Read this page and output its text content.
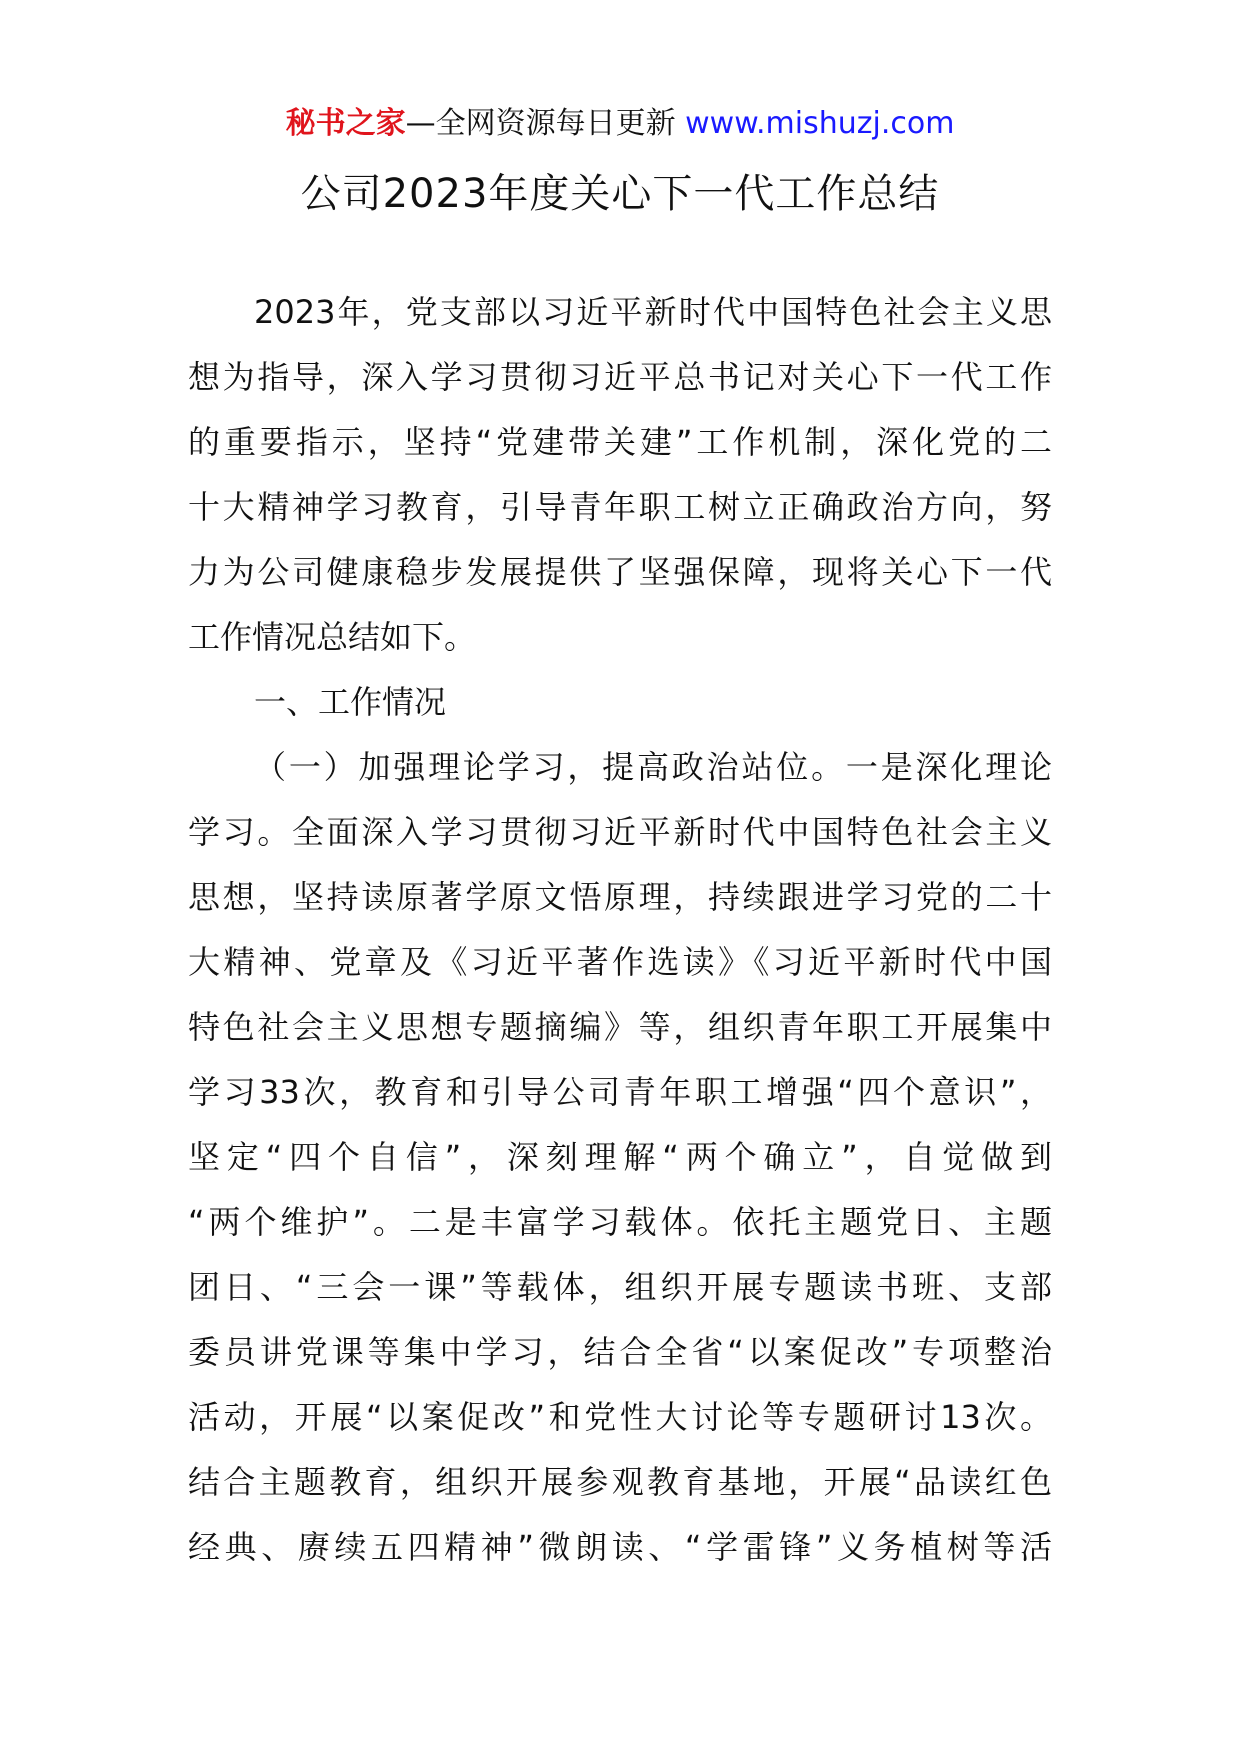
秘书之家—全网资源每日更新 www.mishuzj.com
公司2023年度关心下一代工作总结
2023年，党支部以习近平新时代中国特色社会主义思
想为指导，深入学习贯彻习近平总书记对关心下一代工作
的重要指示，坚持“党建带关建”工作机制，深化党的二
十大精神学习教育，引导青年职工树立正确政治方向，努
力为公司健康稳步发展提供了坚强保障，现将关心下一代
工作情况总结如下。
一、工作情况
（一）加强理论学习，提高政治站位。一是深化理论
学习。全面深入学习贯彻习近平新时代中国特色社会主义
思想，坚持读原著学原文悟原理，持续跟进学习党的二十
大精神、党章及《习近平著作选读》《习近平新时代中国
特色社会主义思想专题摘编》等，组织青年职工开展集中
学习33次，教育和引导公司青年职工增强“四个意识”，
坚定“四个自信”，深刻理解“两个确立”，自觉做到
“两个维护”。二是丰富学习载体。依托主题党日、主题
团日、“三会一课”等载体，组织开展专题读书班、支部
委员讲党课等集中学习，结合全省“以案促改”专项整治
活动，开展“以案促改”和党性大讨论等专题研讨13次。
结合主题教育，组织开展参观教育基地，开展“品读红色
经典、赓续五四精神”微朗读、“学雷锋”义务植树等活
